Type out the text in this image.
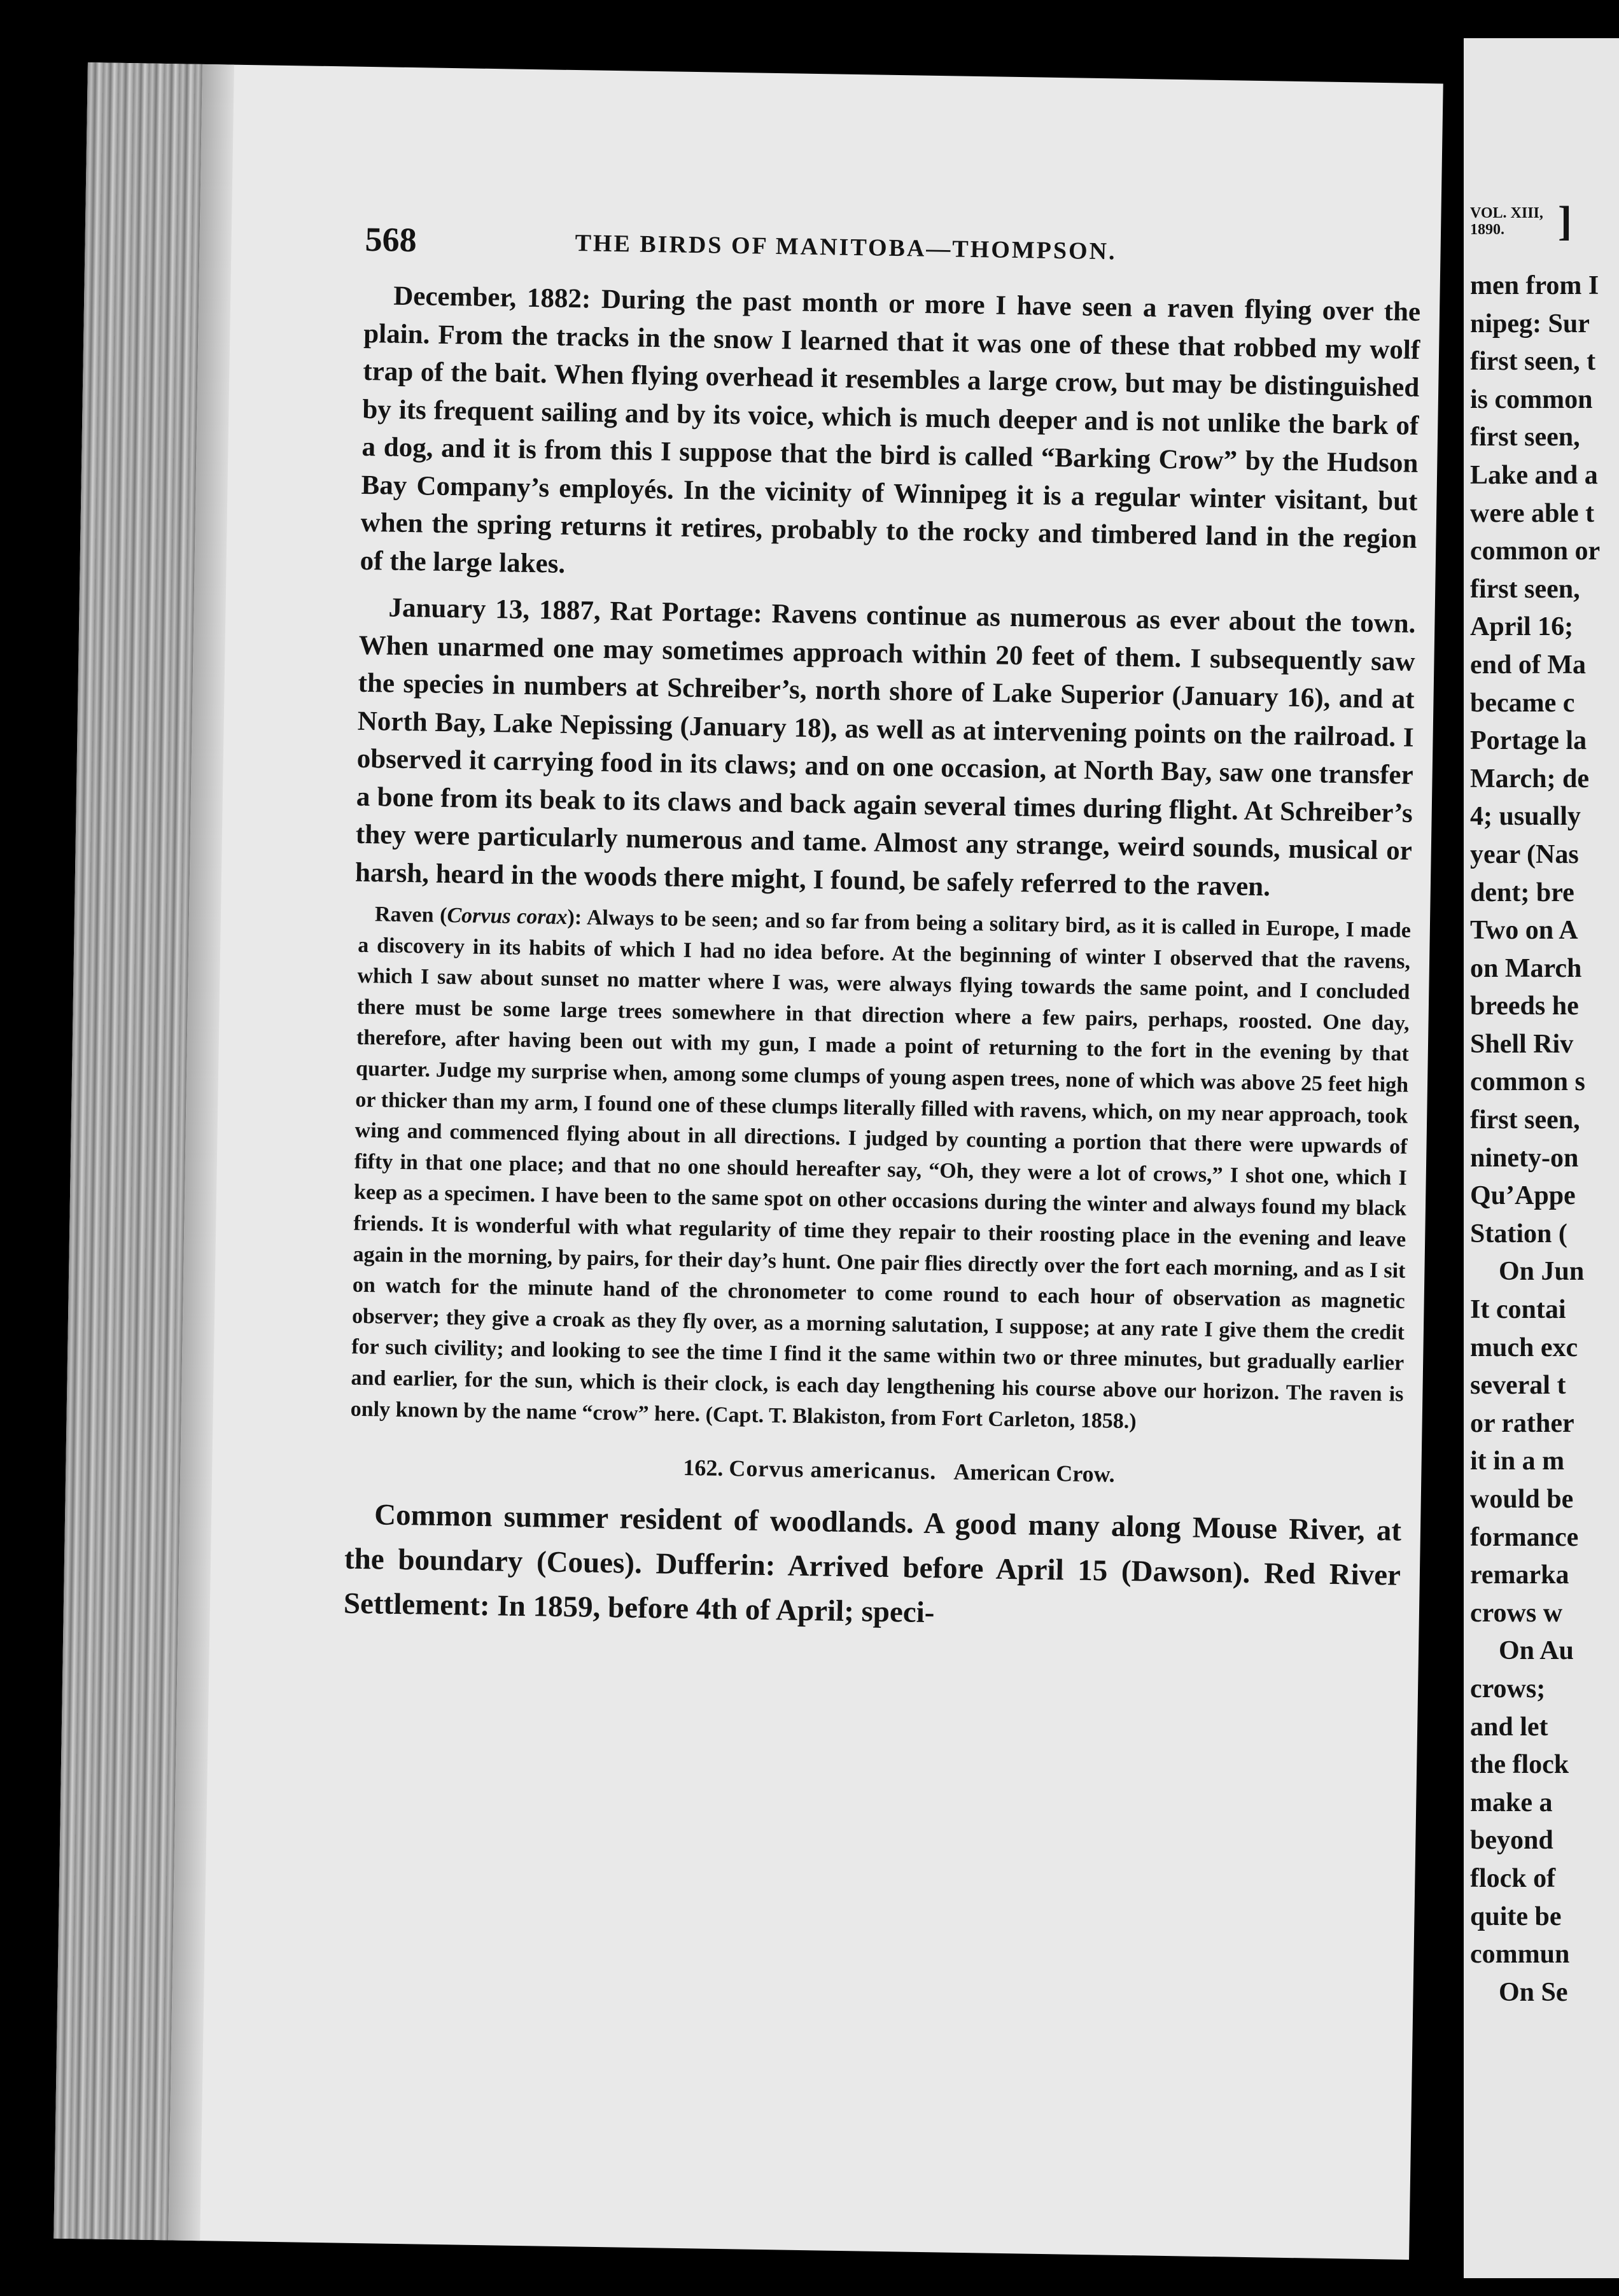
568	THE BIRDS OF MANITOBA—THOMPSON.

December, 1882: During the past month or more I have seen a raven flying over the plain. From the tracks in the snow I learned that it was one of these that robbed my wolf trap of the bait. When flying overhead it resembles a large crow, but may be distinguished by its frequent sailing and by its voice, which is much deeper and is not unlike the bark of a dog, and it is from this I suppose that the bird is called “Barking Crow” by the Hudson Bay Company’s employés. In the vicinity of Winnipeg it is a regular winter visitant, but when the spring returns it retires, probably to the rocky and timbered land in the region of the large lakes.

January 13, 1887, Rat Portage: Ravens continue as numerous as ever about the town. When unarmed one may sometimes approach within 20 feet of them. I subsequently saw the species in numbers at Schreiber’s, north shore of Lake Superior (January 16), and at North Bay, Lake Nepissing (January 18), as well as at intervening points on the railroad. I observed it carrying food in its claws; and on one occasion, at North Bay, saw one transfer a bone from its beak to its claws and back again several times during flight. At Schreiber’s they were particularly numerous and tame. Almost any strange, weird sounds, musical or harsh, heard in the woods there might, I found, be safely referred to the raven.

Raven (Corvus corax): Always to be seen; and so far from being a solitary bird, as it is called in Europe, I made a discovery in its habits of which I had no idea before. At the beginning of winter I observed that the ravens, which I saw about sunset no matter where I was, were always flying towards the same point, and I concluded there must be some large trees somewhere in that direction where a few pairs, perhaps, roosted. One day, therefore, after having been out with my gun, I made a point of returning to the fort in the evening by that quarter. Judge my surprise when, among some clumps of young aspen trees, none of which was above 25 feet high or thicker than my arm, I found one of these clumps literally filled with ravens, which, on my near approach, took wing and commenced flying about in all directions. I judged by counting a portion that there were upwards of fifty in that one place; and that no one should hereafter say, “Oh, they were a lot of crows,” I shot one, which I keep as a specimen. I have been to the same spot on other occasions during the winter and always found my black friends. It is wonderful with what regularity of time they repair to their roosting place in the evening and leave again in the morning, by pairs, for their day’s hunt. One pair flies directly over the fort each morning, and as I sit on watch for the minute hand of the chronometer to come round to each hour of observation as magnetic observer; they give a croak as they fly over, as a morning salutation, I suppose; at any rate I give them the credit for such civility; and looking to see the time I find it the same within two or three minutes, but gradually earlier and earlier, for the sun, which is their clock, is each day lengthening his course above our horizon. The raven is only known by the name “crow” here. (Capt. T. Blakiston, from Fort Carleton, 1858.)

162. Corvus americanus. American Crow.

Common summer resident of woodlands. A good many along Mouse River, at the boundary (Coues). Dufferin: Arrived before April 15 (Dawson). Red River Settlement: In 1859, before 4th of April; speci-

VOL. XIII,
1890.	]
men from I
nipeg: Sur
first seen, t
is common
first seen,
Lake and a
were able t
common or
first seen,
April 16;
end of Ma
became c
Portage la
March; de
4; usually
year (Nas
dent; bre
Two on A
on March
breeds he
Shell Riv
common s
first seen,
ninety-on
Qu’Appe
Station (
On Jun
It contai
much exc
several t
or rather
it in a m
would be
formance
remarka
crows w
On Au
crows;
and let
the flock
make a
beyond
flock of
quite be
commun
On Se
